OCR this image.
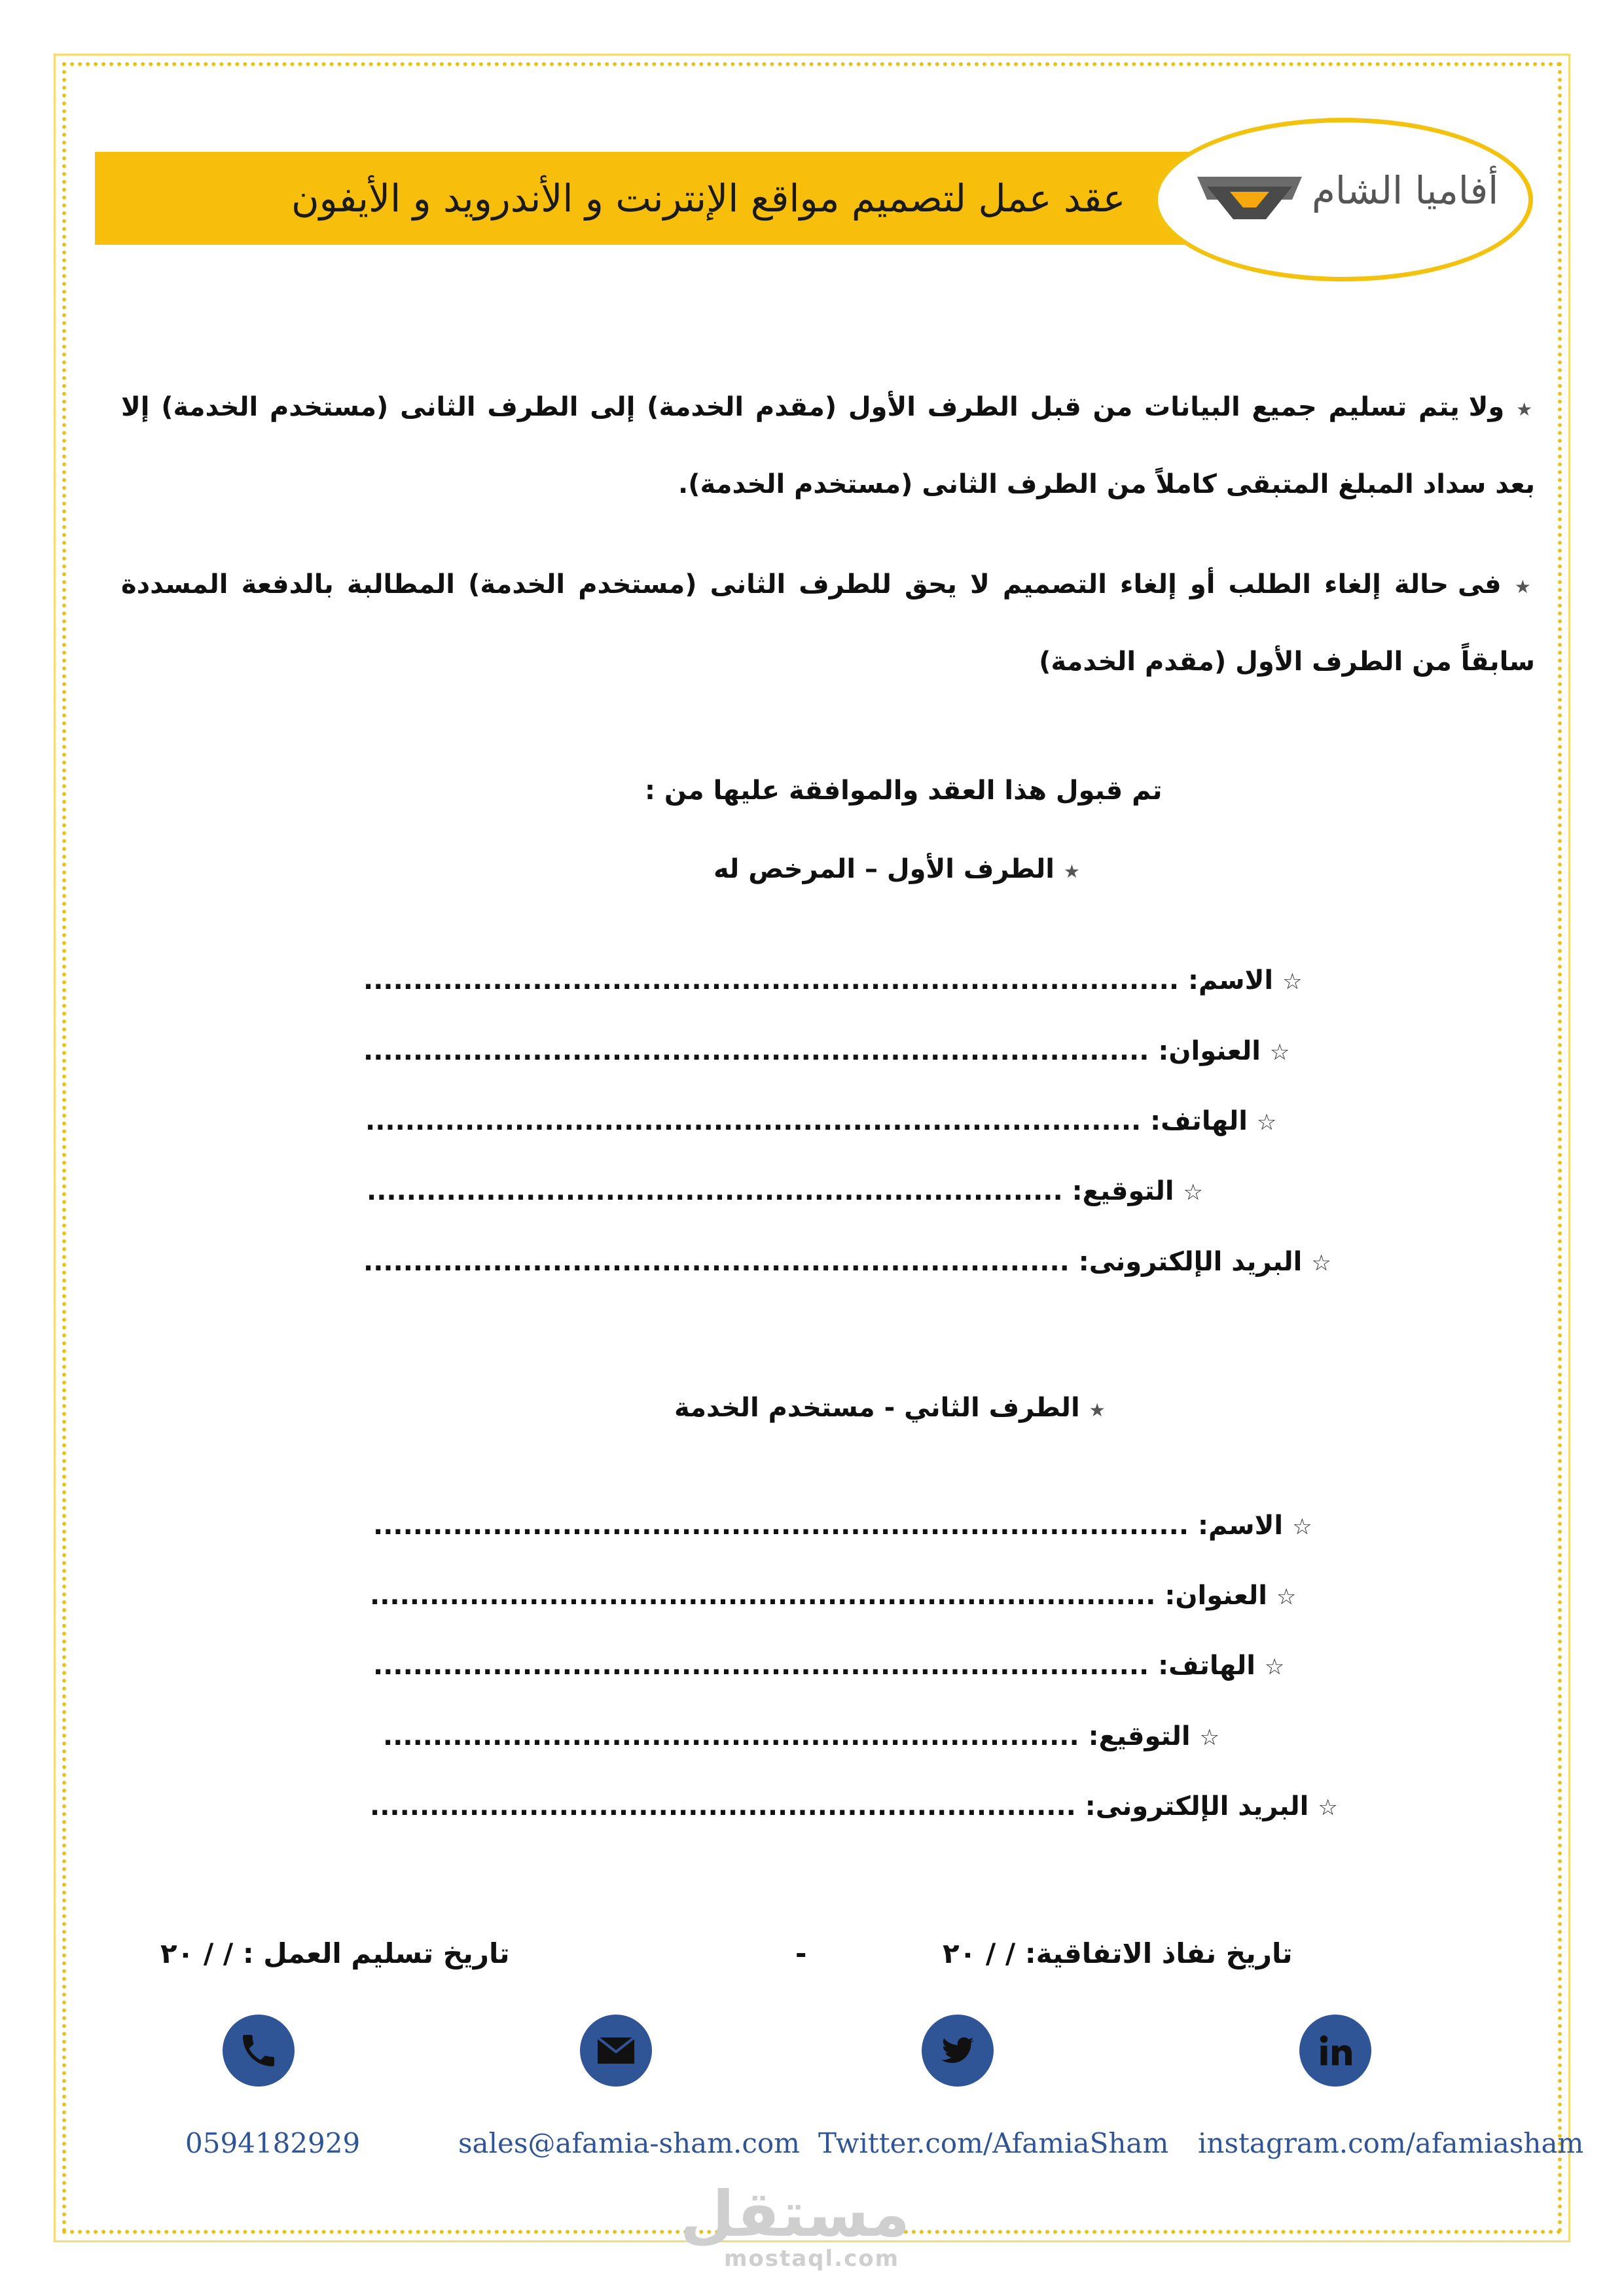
عقد عمل لتصميم مواقع الإنترنت و الأندرويد و الأيفون	أفاميا الشام

★ ولا يتم تسليم جميع البيانات من قبل الطرف الأول (مقدم الخدمة) إلى الطرف الثانى (مستخدم الخدمة) إلا بعد سداد المبلغ المتبقى كاملاً من الطرف الثانى (مستخدم الخدمة).

★ فى حالة إلغاء الطلب أو إلغاء التصميم لا يحق للطرف الثانى (مستخدم الخدمة) المطالبة بالدفعة المسددة سابقاً من الطرف الأول (مقدم الخدمة)

تم قبول هذا العقد والموافقة عليها من :
★ الطرف الأول – المرخص له
☆ الاسم: ..................................................................................
☆ العنوان: ...............................................................................
☆ الهاتف: ..............................................................................
☆ التوقيع: ......................................................................
☆ البريد الإلكترونى: .......................................................................
★ الطرف الثاني - مستخدم الخدمة
☆ الاسم: ..................................................................................
☆ العنوان: ...............................................................................
☆ الهاتف: ..............................................................................
☆ التوقيع: ......................................................................
☆ البريد الإلكترونى: .......................................................................
تاريخ نفاذ الاتفاقية: / / ٢٠
-
تاريخ تسليم العمل : / / ٢٠
0594182929	sales@afamia-sham.com Twitter.com/AfamiaSham instagram.com/afamiasham
مستقل
mostaql.com
